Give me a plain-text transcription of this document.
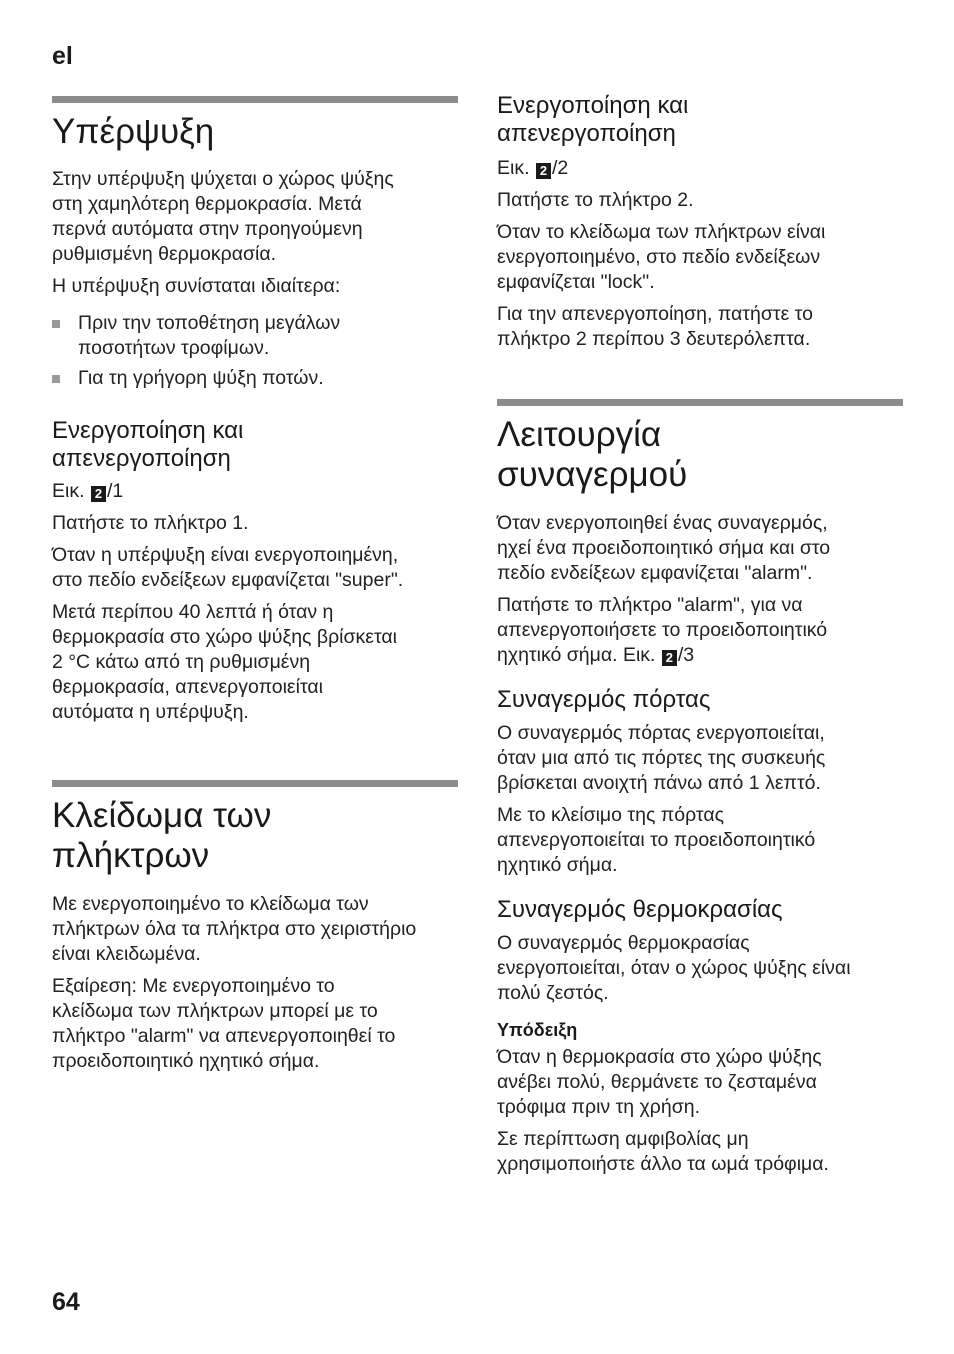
el
64
Υπέρψυξη
Στην υπέρψυξη ψύχεται ο χώρος ψύξης
στη χαμηλότερη θερμοκρασία. Μετά
περνά αυτόματα στην προηγούμενη
ρυθμισμένη θερμοκρασία.
Η υπέρψυξη συνίσταται ιδιαίτερα:
Πριν την τοποθέτηση μεγάλων
ποσοτήτων τροφίμων.
Για τη γρήγορη ψύξη ποτών.
Ενεργοποίηση και
απενεργοποίηση
Εικ. 2 /1
Πατήστε το πλήκτρο 1.
Όταν η υπέρψυξη είναι ενεργοποιημένη,
στο πεδίο ενδείξεων εμφανίζεται "super".
Μετά περίπου 40 λεπτά ή όταν η
θερμοκρασία στο χώρο ψύξης βρίσκεται
2 °C κάτω από τη ρυθμισμένη
θερμοκρασία, απενεργοποιείται
αυτόματα η υπέρψυξη.
Κλείδωμα των
πλήκτρων
Με ενεργοποιημένο το κλείδωμα των
πλήκτρων όλα τα πλήκτρα στο χειριστήριο
είναι κλειδωμένα.
Εξαίρεση: Με ενεργοποιημένο το
κλείδωμα των πλήκτρων μπορεί με το
πλήκτρο "alarm" να απενεργοποιηθεί το
προειδοποιητικό ηχητικό σήμα.
Ενεργοποίηση και
απενεργοποίηση
Εικ. 2 /2
Πατήστε το πλήκτρο 2.
Όταν το κλείδωμα των πλήκτρων είναι
ενεργοποιημένο, στο πεδίο ενδείξεων
εμφανίζεται "lock".
Για την απενεργοποίηση, πατήστε το
πλήκτρο 2 περίπου 3 δευτερόλεπτα.
Λειτουργία
συναγερμού
Όταν ενεργοποιηθεί ένας συναγερμός,
ηχεί ένα προειδοποιητικό σήμα και στο
πεδίο ενδείξεων εμφανίζεται "alarm".
Πατήστε το πλήκτρο "alarm", για να
απενεργοποιήσετε το προειδοποιητικό
ηχητικό σήμα. Εικ. 2 /3
Συναγερμός πόρτας
Ο συναγερμός πόρτας ενεργοποιείται,
όταν μια από τις πόρτες της συσκευής
βρίσκεται ανοιχτή πάνω από 1 λεπτό.
Με το κλείσιμο της πόρτας
απενεργοποιείται το προειδοποιητικό
ηχητικό σήμα.
Συναγερμός θερμοκρασίας
Ο συναγερμός θερμοκρασίας
ενεργοποιείται, όταν ο χώρος ψύξης είναι
πολύ ζεστός.
Υπόδειξη
Όταν η θερμοκρασία στο χώρο ψύξης
ανέβει πολύ, θερμάνετε το ζεσταμένα
τρόφιμα πριν τη χρήση.
Σε περίπτωση αμφιβολίας μη
χρησιμοποιήστε άλλο τα ωμά τρόφιμα.
